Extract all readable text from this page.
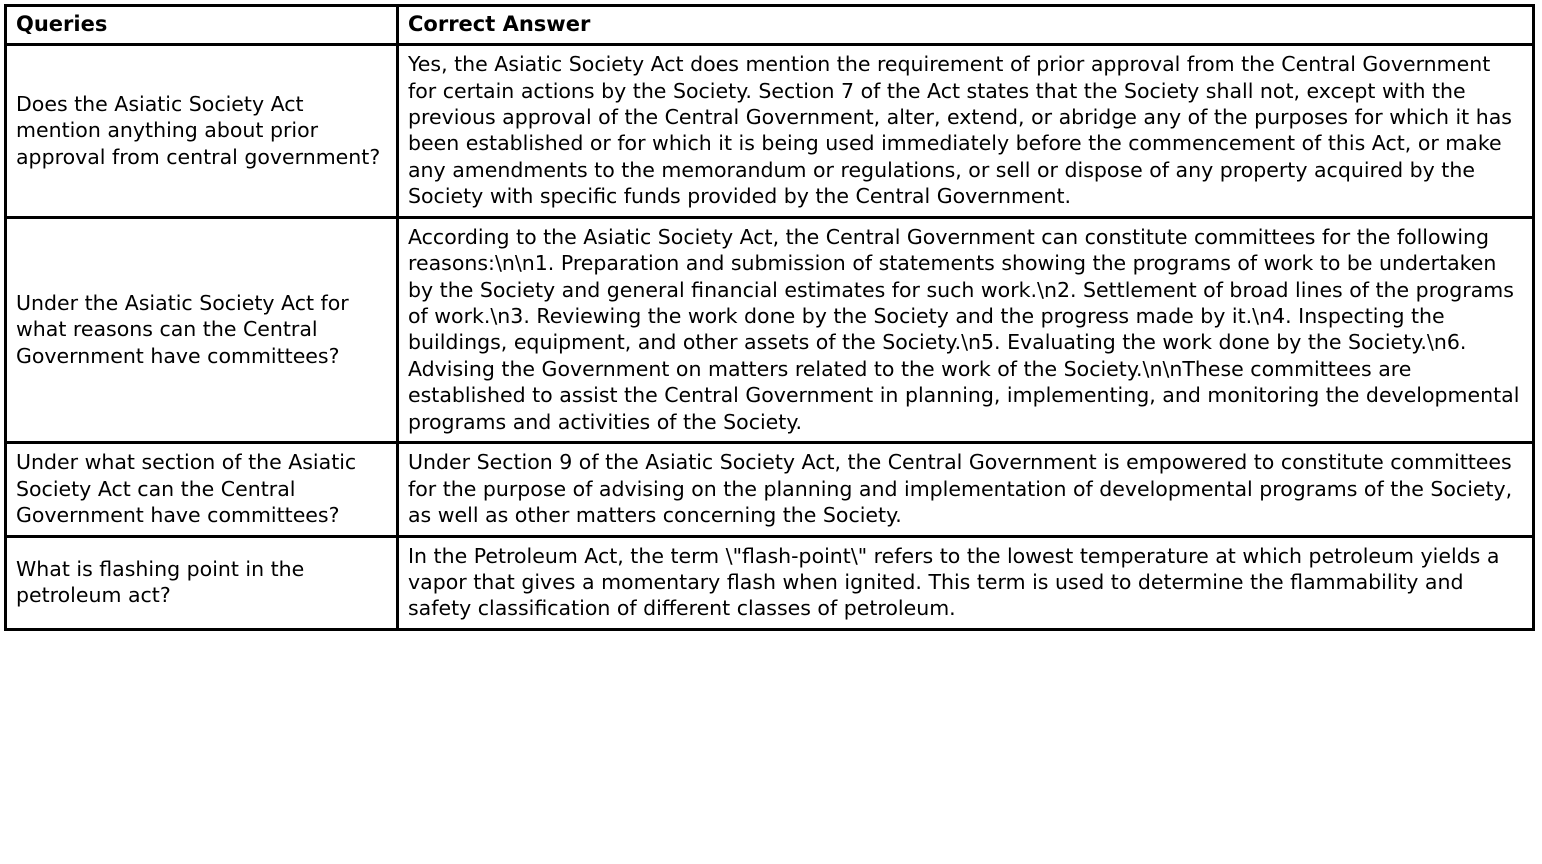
Queries	Correct Answer
Does the Asiatic Society Act mention anything about prior approval from central government?	Yes, the Asiatic Society Act does mention the requirement of prior approval from the Central Government for certain actions by the Society. Section 7 of the Act states that the Society shall not, except with the previous approval of the Central Government, alter, extend, or abridge any of the purposes for which it has been established or for which it is being used immediately before the commencement of this Act, or make any amendments to the memorandum or regulations, or sell or dispose of any property acquired by the Society with specific funds provided by the Central Government.
Under the Asiatic Society Act for what reasons can the Central Government have committees?	According to the Asiatic Society Act, the Central Government can constitute committees for the following reasons:\n\n1. Preparation and submission of statements showing the programs of work to be undertaken by the Society and general financial estimates for such work.\n2. Settlement of broad lines of the programs of work.\n3. Reviewing the work done by the Society and the progress made by it.\n4. Inspecting the buildings, equipment, and other assets of the Society.\n5. Evaluating the work done by the Society.\n6. Advising the Government on matters related to the work of the Society.\n\nThese committees are established to assist the Central Government in planning, implementing, and monitoring the developmental programs and activities of the Society.
Under what section of the Asiatic Society Act can the Central Government have committees?	Under Section 9 of the Asiatic Society Act, the Central Government is empowered to constitute committees for the purpose of advising on the planning and implementation of developmental programs of the Society, as well as other matters concerning the Society.
What is flashing point in the petroleum act?	In the Petroleum Act, the term \"flash-point\" refers to the lowest temperature at which petroleum yields a vapor that gives a momentary flash when ignited. This term is used to determine the flammability and safety classification of different classes of petroleum.
